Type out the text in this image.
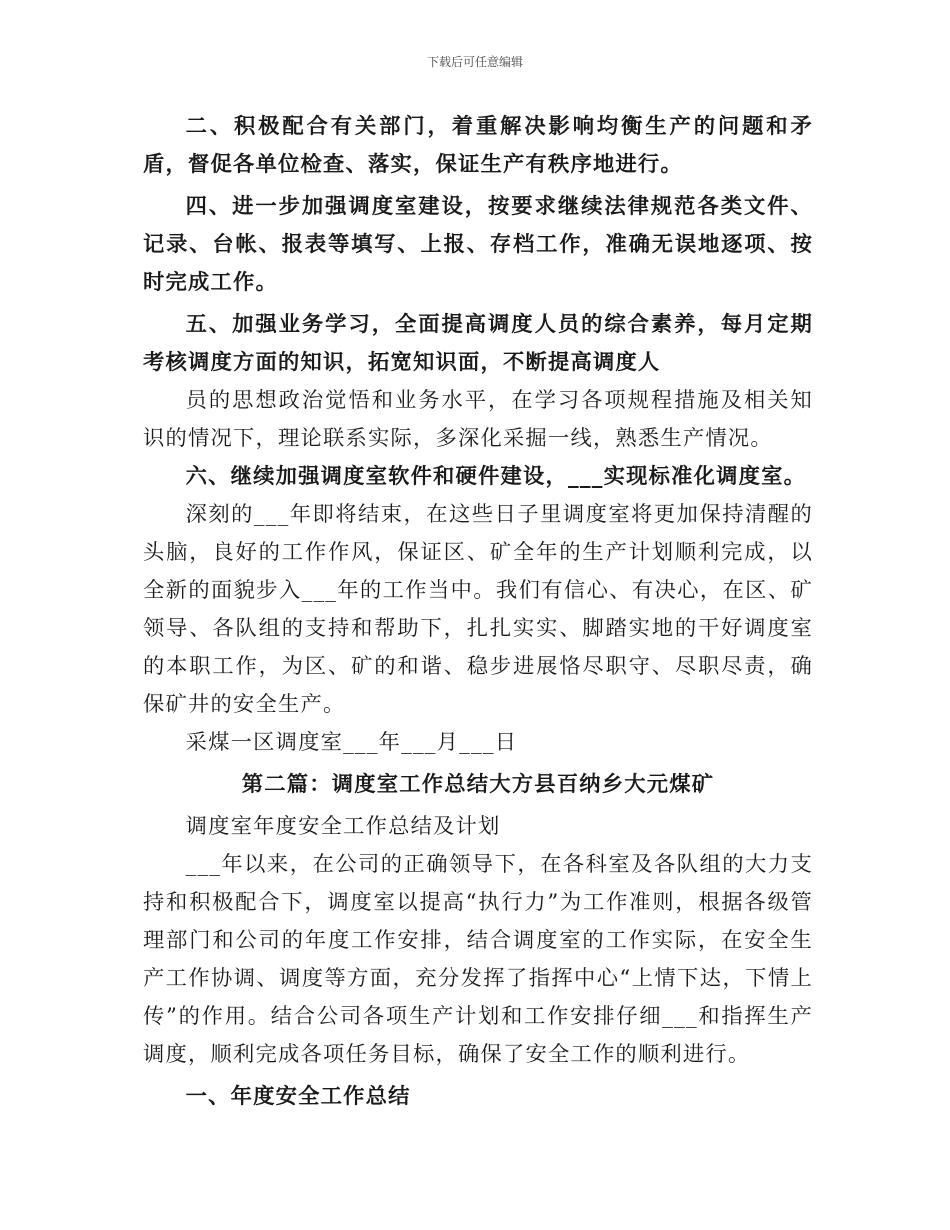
下载后可任意编辑

二、积极配合有关部门，着重解决影响均衡生产的问题和矛盾，督促各单位检查、落实，保证生产有秩序地进行。

四、进一步加强调度室建设，按要求继续法律规范各类文件、记录、台帐、报表等填写、上报、存档工作，准确无误地逐项、按时完成工作。

五、加强业务学习，全面提高调度人员的综合素养，每月定期考核调度方面的知识，拓宽知识面，不断提高调度人

员的思想政治觉悟和业务水平，在学习各项规程措施及相关知识的情况下，理论联系实际，多深化采掘一线，熟悉生产情况。

六、继续加强调度室软件和硬件建设，___实现标准化调度室。

深刻的___年即将结束，在这些日子里调度室将更加保持清醒的头脑，良好的工作作风，保证区、矿全年的生产计划顺利完成，以全新的面貌步入___年的工作当中。我们有信心、有决心，在区、矿领导、各队组的支持和帮助下，扎扎实实、脚踏实地的干好调度室的本职工作，为区、矿的和谐、稳步进展恪尽职守、尽职尽责，确保矿井的安全生产。

采煤一区调度室___年___月___日

第二篇：调度室工作总结大方县百纳乡大元煤矿

调度室年度安全工作总结及计划

___年以来，在公司的正确领导下，在各科室及各队组的大力支持和积极配合下，调度室以提高“执行力”为工作准则，根据各级管理部门和公司的年度工作安排，结合调度室的工作实际，在安全生产工作协调、调度等方面，充分发挥了指挥中心“上情下达，下情上传”的作用。结合公司各项生产计划和工作安排仔细___和指挥生产调度，顺利完成各项任务目标，确保了安全工作的顺利进行。

一、年度安全工作总结
